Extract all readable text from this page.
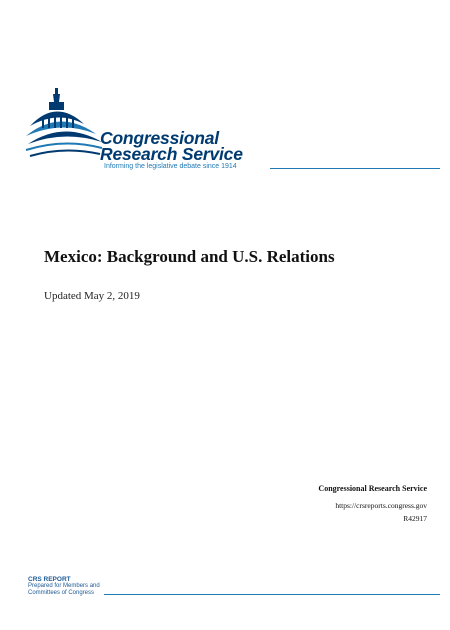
Congressional
Research Service
Informing the legislative debate since 1914
Mexico: Background and U.S. Relations
Updated May 2, 2019
Congressional Research Service
https://crsreports.congress.gov
R42917
CRS REPORT
Prepared for Members and
Committees of Congress
